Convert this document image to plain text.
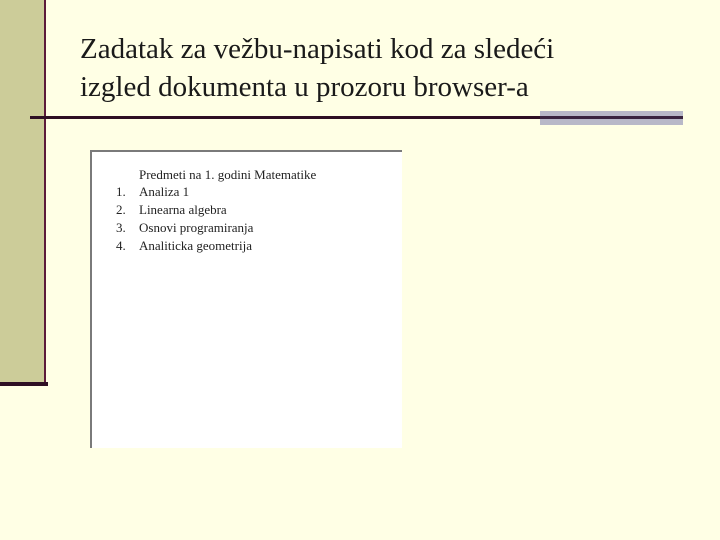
Zadatak za vežbu-napisati kod za sledeći
izgled dokumenta u prozoru browser-a
Predmeti na 1. godini Matematike
1.	Analiza 1
2.	Linearna algebra
3.	Osnovi programiranja
4.	Analiticka geometrija
